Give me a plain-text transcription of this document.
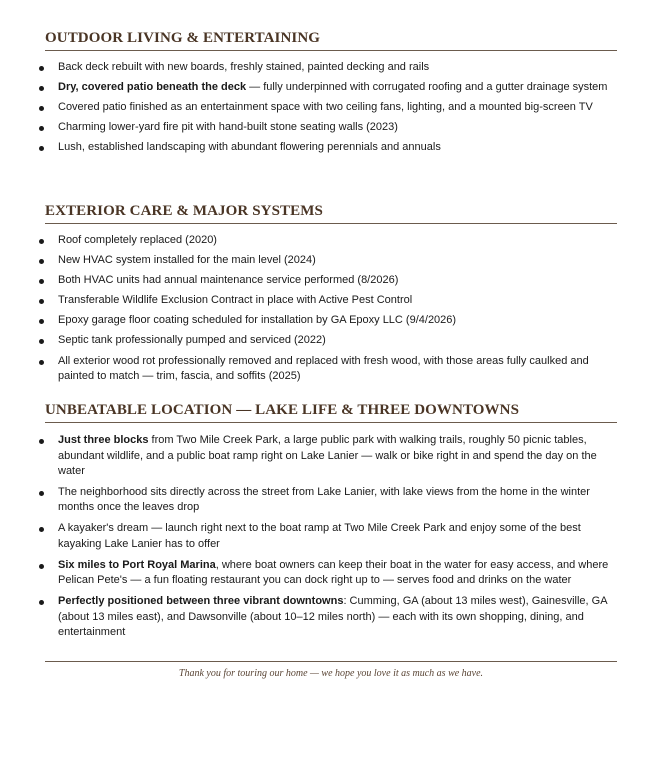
OUTDOOR LIVING & ENTERTAINING
Back deck rebuilt with new boards, freshly stained, painted decking and rails
Dry, covered patio beneath the deck — fully underpinned with corrugated roofing and a gutter drainage system
Covered patio finished as an entertainment space with two ceiling fans, lighting, and a mounted big-screen TV
Charming lower-yard fire pit with hand-built stone seating walls (2023)
Lush, established landscaping with abundant flowering perennials and annuals
EXTERIOR CARE & MAJOR SYSTEMS
Roof completely replaced (2020)
New HVAC system installed for the main level (2024)
Both HVAC units had annual maintenance service performed (8/2026)
Transferable Wildlife Exclusion Contract in place with Active Pest Control
Epoxy garage floor coating scheduled for installation by GA Epoxy LLC (9/4/2026)
Septic tank professionally pumped and serviced (2022)
All exterior wood rot professionally removed and replaced with fresh wood, with those areas fully caulked and painted to match — trim, fascia, and soffits (2025)
UNBEATABLE LOCATION — LAKE LIFE & THREE DOWNTOWNS
Just three blocks from Two Mile Creek Park, a large public park with walking trails, roughly 50 picnic tables, abundant wildlife, and a public boat ramp right on Lake Lanier — walk or bike right in and spend the day on the water
The neighborhood sits directly across the street from Lake Lanier, with lake views from the home in the winter months once the leaves drop
A kayaker's dream — launch right next to the boat ramp at Two Mile Creek Park and enjoy some of the best kayaking Lake Lanier has to offer
Six miles to Port Royal Marina, where boat owners can keep their boat in the water for easy access, and where Pelican Pete's — a fun floating restaurant you can dock right up to — serves food and drinks on the water
Perfectly positioned between three vibrant downtowns: Cumming, GA (about 13 miles west), Gainesville, GA (about 13 miles east), and Dawsonville (about 10–12 miles north) — each with its own shopping, dining, and entertainment
Thank you for touring our home — we hope you love it as much as we have.
